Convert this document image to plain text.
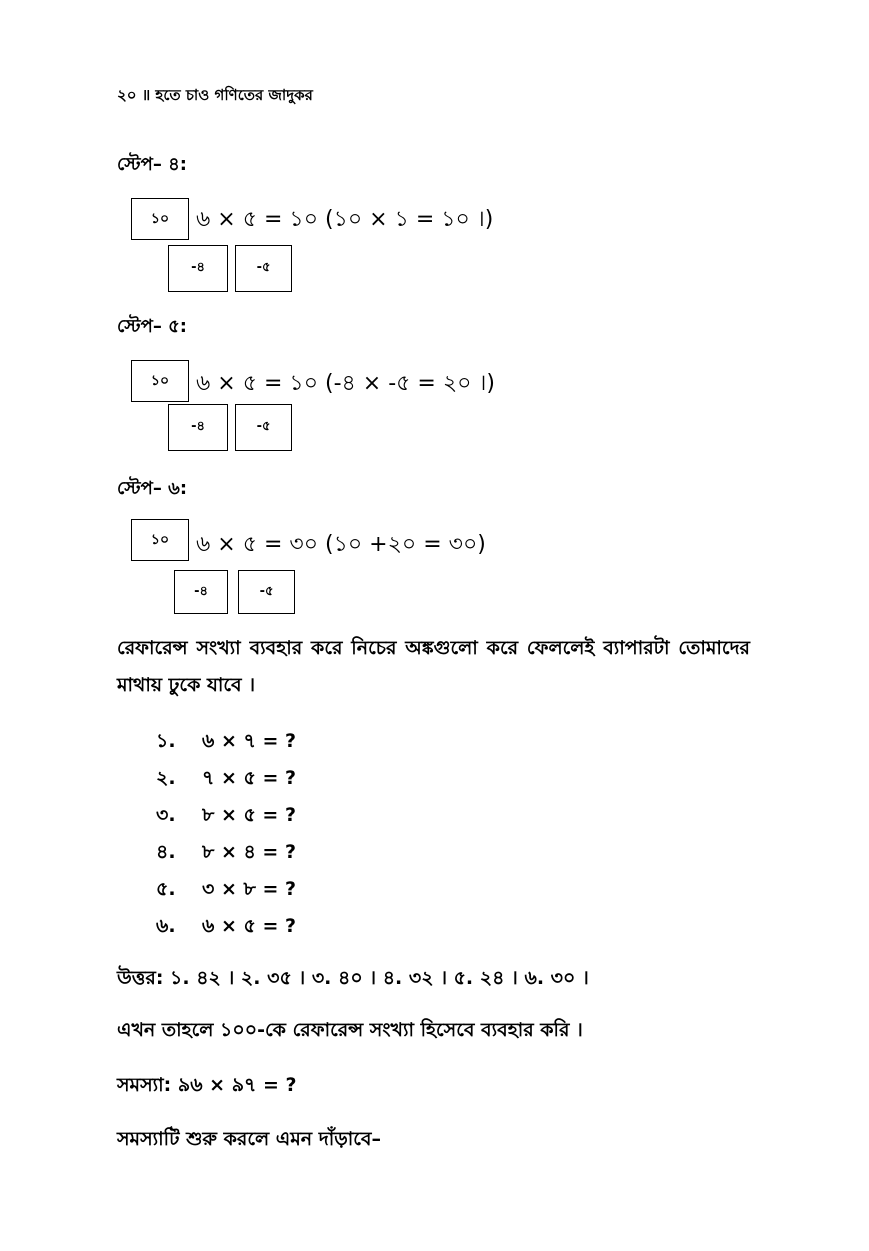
২০ ॥ হতে চাও গণিতের জাদুকর
স্টেপ– ৪:
১০	৬ × ৫ = ১০ (১০ × ১ = ১০ ।)
-৪	-৫
স্টেপ– ৫:
১০	৬ × ৫ = ১০ (-৪ × -৫ = ২০ ।)
-৪	-৫
স্টেপ– ৬:
১০	৬ × ৫ = ৩০ (১০ +২০ = ৩০)
-৪	-৫
রেফারেন্স সংখ্যা ব্যবহার করে নিচের অঙ্কগুলো করে ফেললেই ব্যাপারটা তোমাদের মাথায় ঢুকে যাবে ।
১. ৬ × ৭ = ?
২. ৭ × ৫ = ?
৩. ৮ × ৫ = ?
৪. ৮ × ৪ = ?
৫. ৩ × ৮ = ?
৬. ৬ × ৫ = ?
উত্তর: ১. ৪২ । ২. ৩৫ । ৩. ৪০ । ৪. ৩২ । ৫. ২৪ । ৬. ৩০ ।
এখন তাহলে ১০০-কে রেফারেন্স সংখ্যা হিসেবে ব্যবহার করি ।
সমস্যা: ৯৬ × ৯৭ = ?
সমস্যাটি শুরু করলে এমন দাঁড়াবে–
